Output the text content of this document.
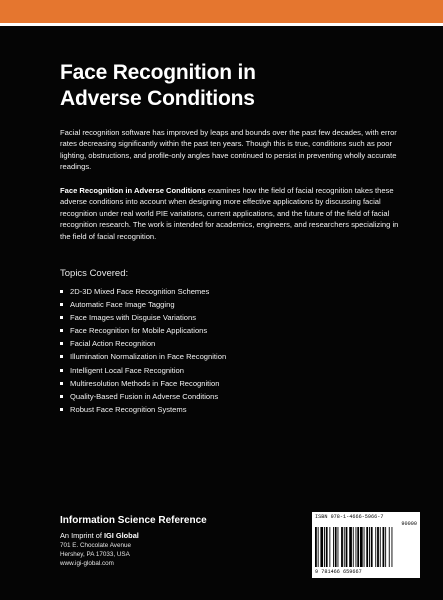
Face Recognition in
Adverse Conditions

Facial recognition software has improved by leaps and bounds over the past few decades, with error rates decreasing significantly within the past ten years. Though this is true, conditions such as poor lighting, obstructions, and profile-only angles have continued to persist in preventing wholly accurate readings.

Face Recognition in Adverse Conditions examines how the field of facial recognition takes these adverse conditions into account when designing more effective applications by discussing facial recognition under real world PIE variations, current applications, and the future of the field of facial recognition research. The work is intended for academics, engineers, and researchers specializing in the field of facial recognition.

Topics Covered:
2D-3D Mixed Face Recognition Schemes
Automatic Face Image Tagging
Face Images with Disguise Variations
Face Recognition for Mobile Applications
Facial Action Recognition
Illumination Normalization in Face Recognition
Intelligent Local Face Recognition
Multiresolution Methods in Face Recognition
Quality-Based Fusion in Adverse Conditions
Robust Face Recognition Systems
Information Science Reference
An Imprint of IGI Global
701 E. Chocolate Avenue
Hershey, PA 17033, USA
www.igi-global.com
ISBN 978-1-4666-5966-7
90000
9 781466 659667
